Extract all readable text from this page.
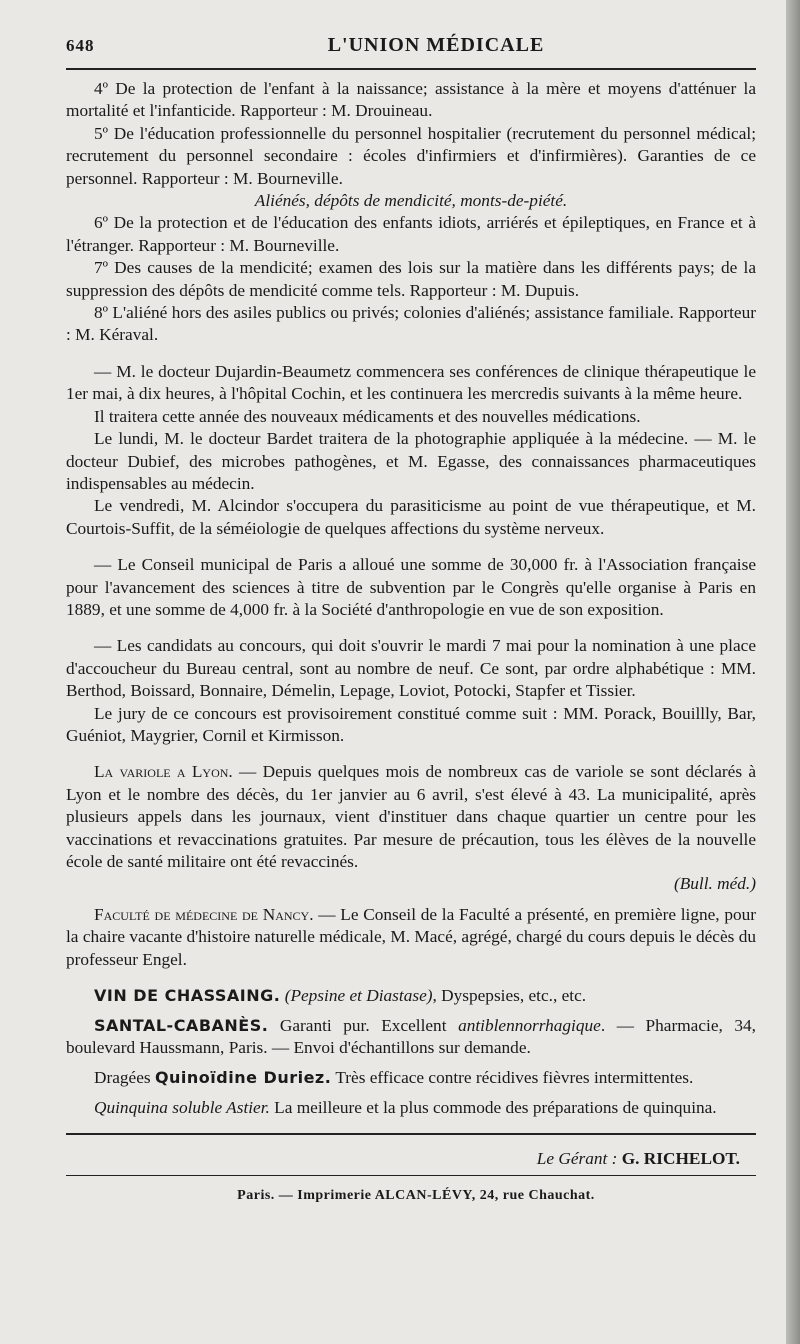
648	L'UNION MÉDICALE

4º De la protection de l'enfant à la naissance; assistance à la mère et moyens d'atténuer la mortalité et l'infanticide. Rapporteur : M. Drouineau.

5º De l'éducation professionnelle du personnel hospitalier (recrutement du personnel médical; recrutement du personnel secondaire : écoles d'infirmiers et d'infirmières). Garanties de ce personnel. Rapporteur : M. Bourneville.

Aliénés, dépôts de mendicité, monts-de-piété.

6º De la protection et de l'éducation des enfants idiots, arriérés et épileptiques, en France et à l'étranger. Rapporteur : M. Bourneville.

7º Des causes de la mendicité; examen des lois sur la matière dans les différents pays; de la suppression des dépôts de mendicité comme tels. Rapporteur : M. Dupuis.

8º L'aliéné hors des asiles publics ou privés; colonies d'aliénés; assistance familiale. Rapporteur : M. Kéraval.

— M. le docteur Dujardin-Beaumetz commencera ses conférences de clinique thérapeutique le 1er mai, à dix heures, à l'hôpital Cochin, et les continuera les mercredis suivants à la même heure.

Il traitera cette année des nouveaux médicaments et des nouvelles médications.

Le lundi, M. le docteur Bardet traitera de la photographie appliquée à la médecine. — M. le docteur Dubief, des microbes pathogènes, et M. Egasse, des connaissances pharmaceutiques indispensables au médecin.

Le vendredi, M. Alcindor s'occupera du parasiticisme au point de vue thérapeutique, et M. Courtois-Suffit, de la séméiologie de quelques affections du système nerveux.

— Le Conseil municipal de Paris a alloué une somme de 30,000 fr. à l'Association française pour l'avancement des sciences à titre de subvention par le Congrès qu'elle organise à Paris en 1889, et une somme de 4,000 fr. à la Société d'anthropologie en vue de son exposition.

— Les candidats au concours, qui doit s'ouvrir le mardi 7 mai pour la nomination à une place d'accoucheur du Bureau central, sont au nombre de neuf. Ce sont, par ordre alphabétique : MM. Berthod, Boissard, Bonnaire, Démelin, Lepage, Loviot, Potocki, Stapfer et Tissier.

Le jury de ce concours est provisoirement constitué comme suit : MM. Porack, Bouillly, Bar, Guéniot, Maygrier, Cornil et Kirmisson.

La variole a Lyon. — Depuis quelques mois de nombreux cas de variole se sont déclarés à Lyon et le nombre des décès, du 1er janvier au 6 avril, s'est élevé à 43. La municipalité, après plusieurs appels dans les journaux, vient d'instituer dans chaque quartier un centre pour les vaccinations et revaccinations gratuites. Par mesure de précaution, tous les élèves de la nouvelle école de santé militaire ont été revaccinés.

(Bull. méd.)

Faculté de médecine de Nancy. — Le Conseil de la Faculté a présenté, en première ligne, pour la chaire vacante d'histoire naturelle médicale, M. Macé, agrégé, chargé du cours depuis le décès du professeur Engel.

VIN DE CHASSAING. (Pepsine et Diastase), Dyspepsies, etc., etc.

SANTAL-CABANÈS. Garanti pur. Excellent antiblennorrhagique. — Pharmacie, 34, boulevard Haussmann, Paris. — Envoi d'échantillons sur demande.

Dragées Quinoïdine Duriez. Très efficace contre récidives fièvres intermittentes.

Quinquina soluble Astier. La meilleure et la plus commode des préparations de quinquina.

Le Gérant : G. RICHELOT.
Paris. — Imprimerie ALCAN-LÉVY, 24, rue Chauchat.
